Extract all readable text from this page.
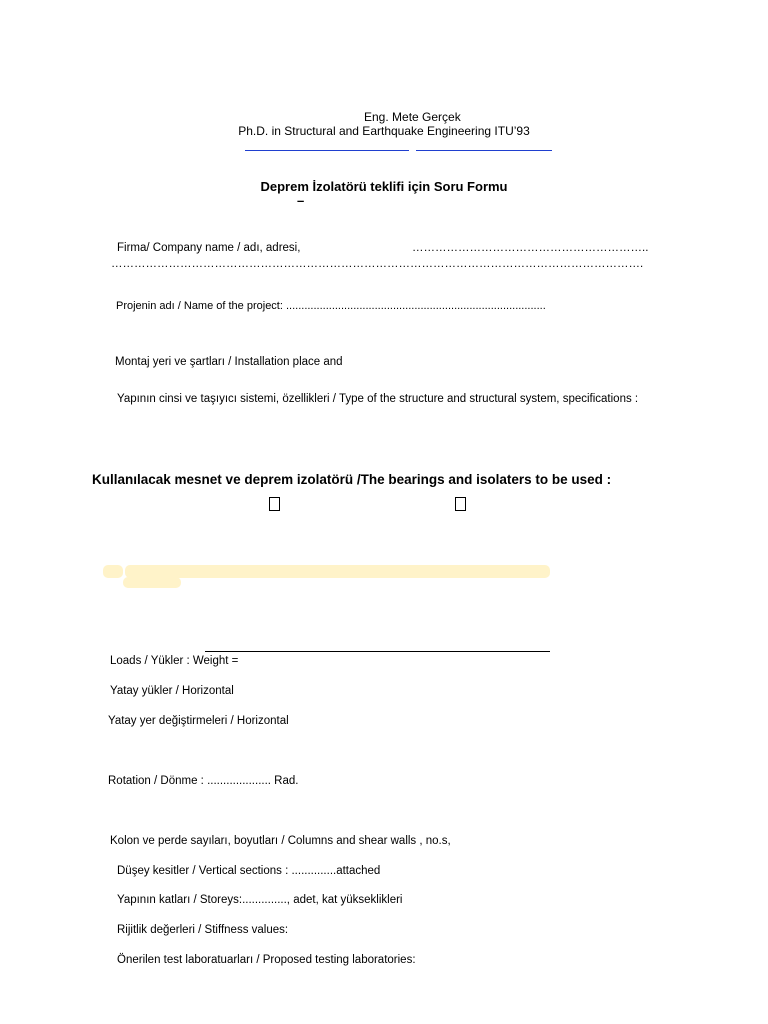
Eng. Mete Gerçek
Ph.D. in Structural and Earthquake Engineering ITU’93
Deprem İzolatörü teklifi için Soru Formu
–
Firma/ Company name / adı, adresi,	……………………………………………………..
………………………………………………………………………………………………………………………….
Projenin adı / Name of the project: .....................................................................................
Montaj yeri ve şartları / Installation place and
Yapının cinsi ve taşıyıcı sistemi, özellikleri / Type of the structure and structural system, specifications :
Kullanılacak mesnet ve deprem izolatörü /The bearings and isolaters to be used :
Loads / Yükler : Weight =
Yatay yükler / Horizontal
Yatay yer değiştirmeleri / Horizontal
Rotation / Dönme : .................... Rad.
Kolon ve perde sayıları, boyutları / Columns and shear walls , no.s,
Düşey kesitler / Vertical sections : ..............attached
Yapının katları / Storeys:.............., adet, kat yükseklikleri
Rijitlik değerleri / Stiffness values:
Önerilen test laboratuarları / Proposed testing laboratories:
